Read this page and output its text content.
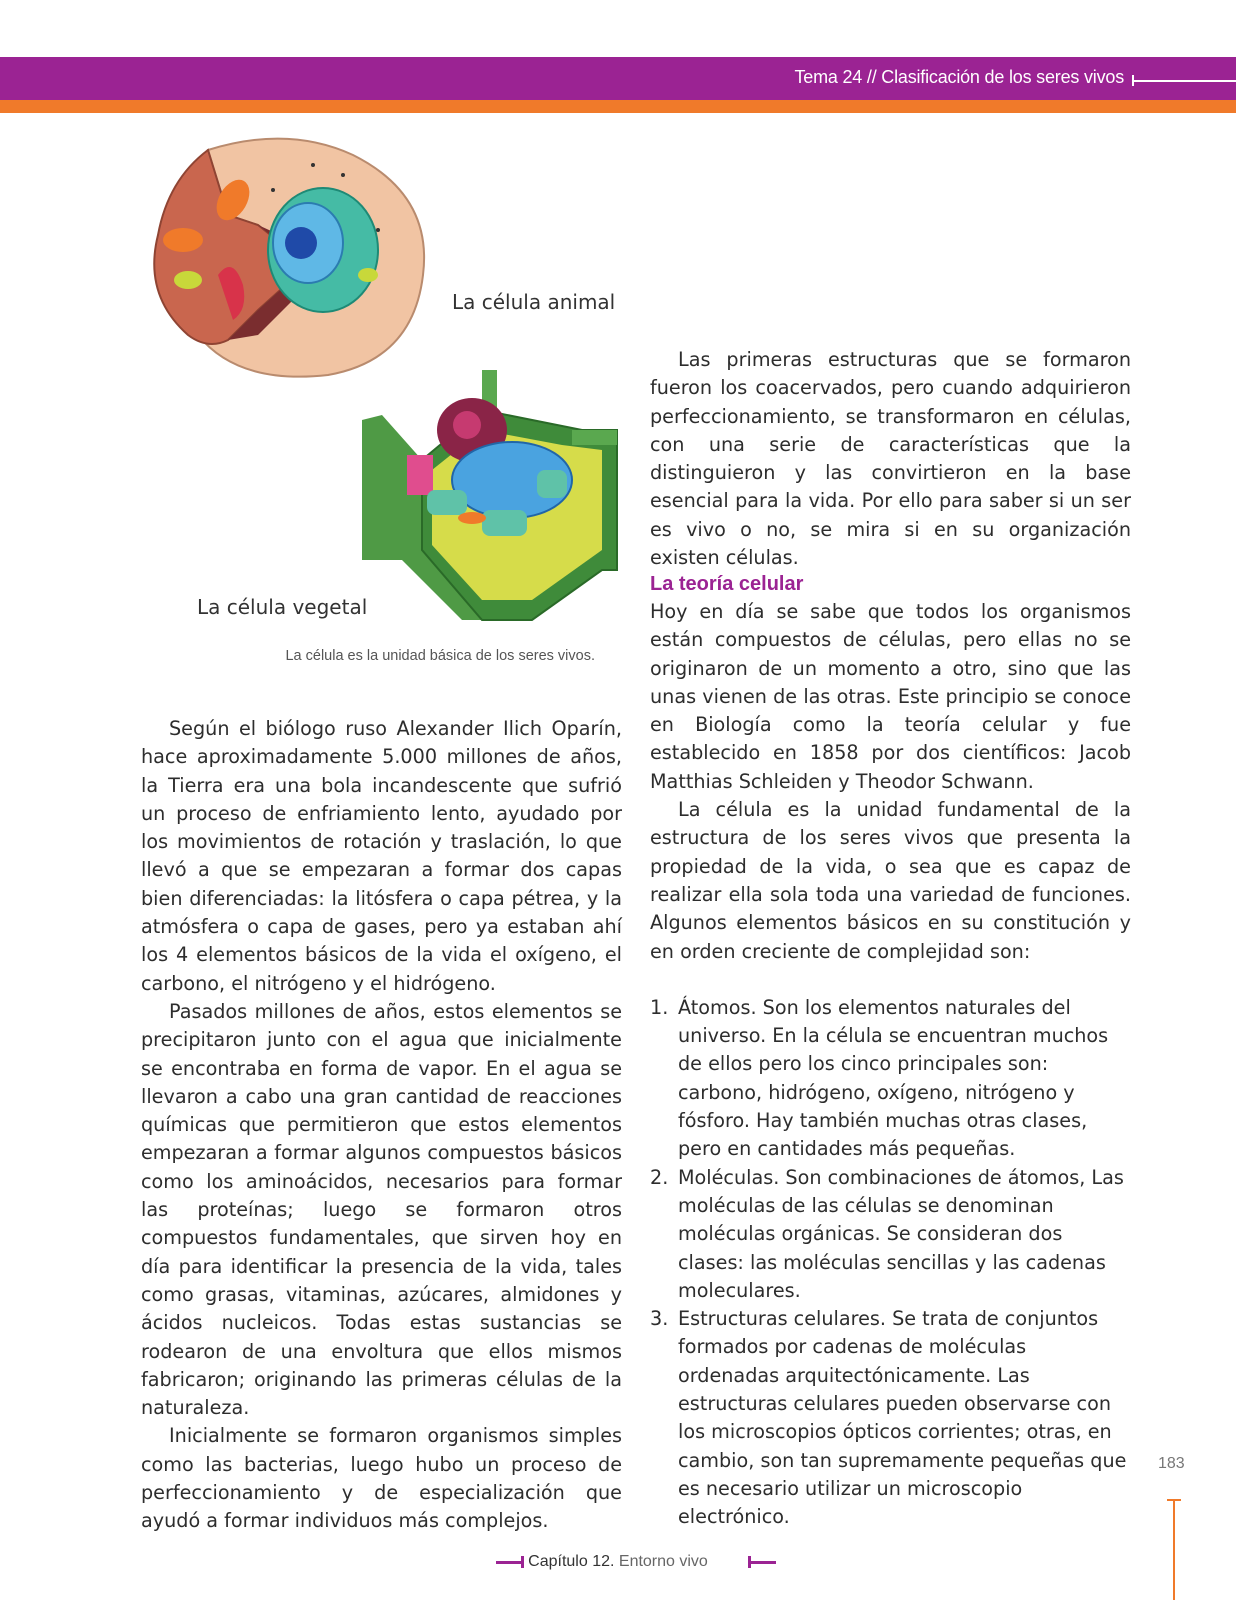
Tema 24 // Clasificación de los seres vivos
La célula animal
La célula vegetal
La célula es la unidad básica de los seres vivos.

Las primeras estructuras que se formaron fueron los coacervados, pero cuando adquirieron perfeccionamiento, se transformaron en células, con una serie de características que la distinguieron y las convirtieron en la base esencial para la vida. Por ello para saber si un ser es vivo o no, se mira si en su organización existen células.

La teoría celular

Hoy en día se sabe que todos los organismos están compuestos de células, pero ellas no se originaron de un momento a otro, sino que las unas vienen de las otras. Este principio se conoce en Biología como la teoría celular y fue establecido en 1858 por dos científicos: Jacob Matthias Schleiden y Theodor Schwann.

La célula es la unidad fundamental de la estructura de los seres vivos que presenta la propiedad de la vida, o sea que es capaz de realizar ella sola toda una variedad de funciones. Algunos elementos básicos en su constitución y en orden creciente de complejidad son:

1. Átomos. Son los elementos naturales del universo. En la célula se encuentran muchos de ellos pero los cinco principales son: carbono, hidrógeno, oxígeno, nitrógeno y fósforo. Hay también muchas otras clases, pero en cantidades más pequeñas.
2. Moléculas. Son combinaciones de átomos, Las moléculas de las células se denominan moléculas orgánicas. Se consideran dos clases: las moléculas sencillas y las cadenas moleculares.
3. Estructuras celulares. Se trata de conjuntos formados por cadenas de moléculas ordenadas arquitectónicamente. Las estructuras celulares pueden observarse con los microscopios ópticos corrientes; otras, en cambio, son tan supremamente pequeñas que es necesario utilizar un microscopio electrónico.

Según el biólogo ruso Alexander Ilich Oparín, hace aproximadamente 5.000 millones de años, la Tierra era una bola incandescente que sufrió un proceso de enfriamiento lento, ayudado por los movimientos de rotación y traslación, lo que llevó a que se empezaran a formar dos capas bien diferenciadas: la litósfera o capa pétrea, y la atmósfera o capa de gases, pero ya estaban ahí los 4 elementos básicos de la vida el oxígeno, el carbono, el nitrógeno y el hidrógeno.

Pasados millones de años, estos elementos se precipitaron junto con el agua que inicialmente se encontraba en forma de vapor. En el agua se llevaron a cabo una gran cantidad de reacciones químicas que permitieron que estos elementos empezaran a formar algunos compuestos básicos como los aminoácidos, necesarios para formar las proteínas; luego se formaron otros compuestos fundamentales, que sirven hoy en día para identificar la presencia de la vida, tales como grasas, vitaminas, azúcares, almidones y ácidos nucleicos. Todas estas sustancias se rodearon de una envoltura que ellos mismos fabricaron; originando las primeras células de la naturaleza.

Inicialmente se formaron organismos simples como las bacterias, luego hubo un proceso de perfeccionamiento y de especialización que ayudó a formar individuos más complejos.

183
Capítulo 12. Entorno vivo
